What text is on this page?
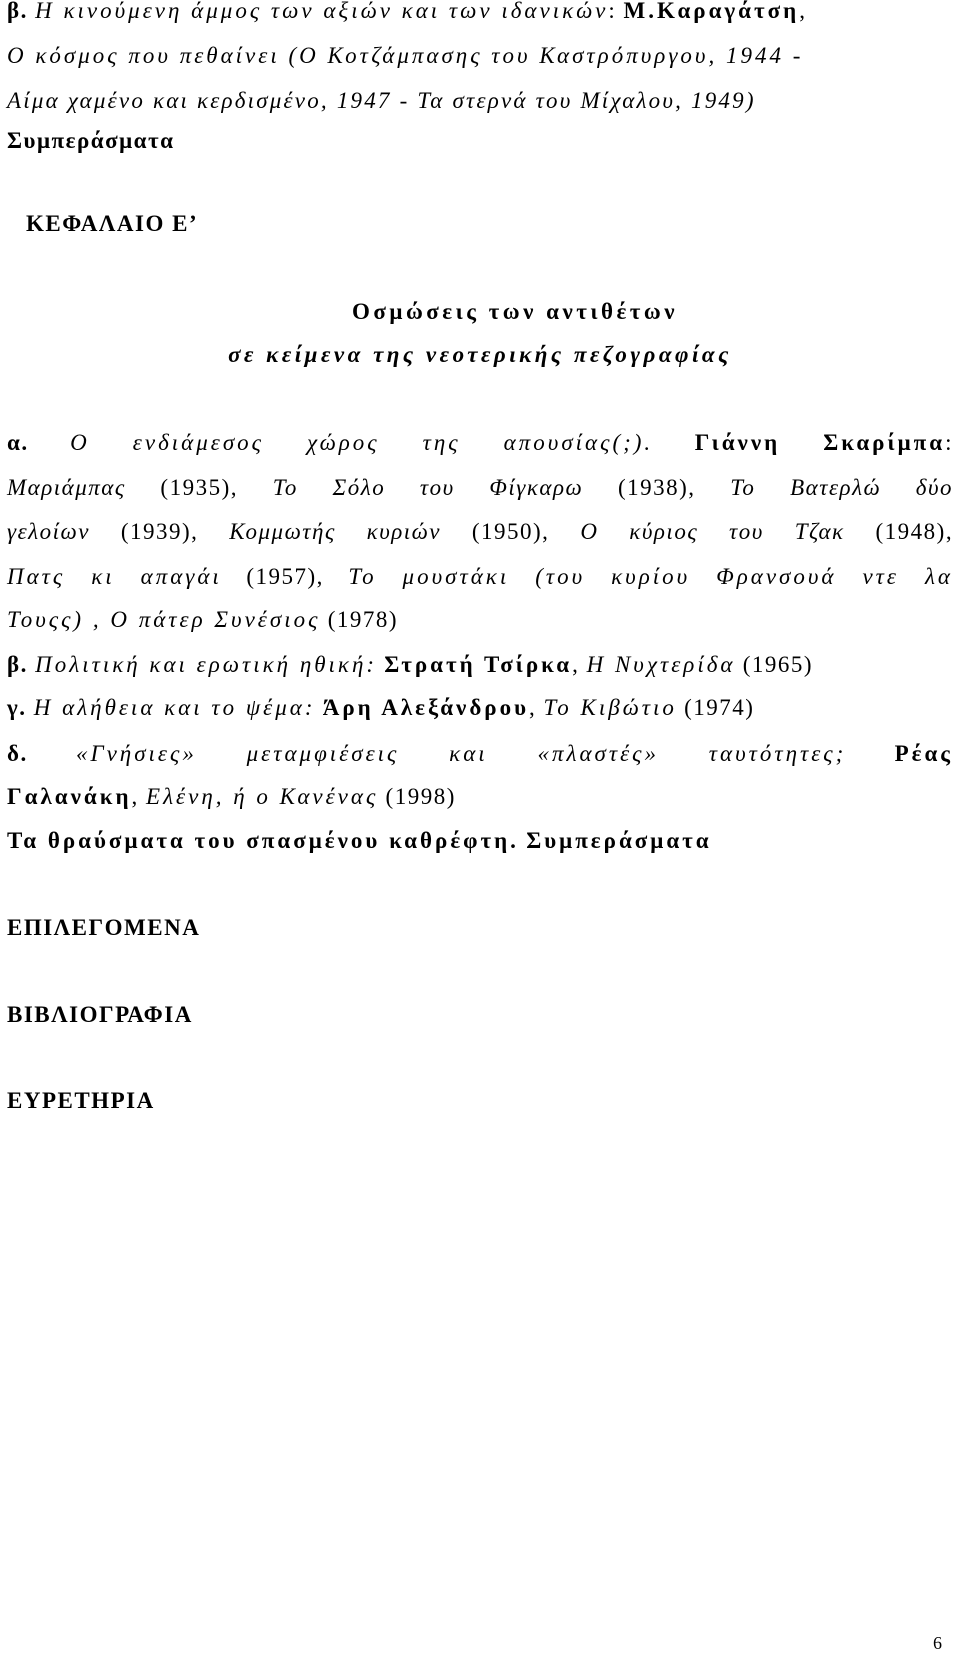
β. Η κινούμενη άμμος των αξιών και των ιδανικών: Μ.Καραγάτση,
Ο κόσμος που πεθαίνει (Ο Κοτζάμπασης του Καστρόπυργου, 1944 -
Αίμα χαμένο και κερδισμένο, 1947 - Τα στερνά του Μίχαλου, 1949)
Συμπεράσματα
ΚΕΦΑΛΑΙΟ Ε’
Οσμώσεις των αντιθέτων
σε κείμενα της νεοτερικής πεζογραφίας
α. Ο ενδιάμεσος χώρος της απουσίας(;). Γιάννη Σκαρίμπα:
Μαριάμπας (1935), Το Σόλο του Φίγκαρω (1938), Το Βατερλώ δύο
γελοίων (1939), Κομμωτής κυριών (1950), Ο κύριος του Τζακ (1948),
Πατς κι απαγάι (1957), Το μουστάκι (του κυρίου Φρανσουά ντε λα
Τουςς) , Ο πάτερ Συνέσιος (1978)
β. Πολιτική και ερωτική ηθική: Στρατή Τσίρκα, Η Νυχτερίδα (1965)
γ. Η αλήθεια και το ψέμα: Άρη Αλεξάνδρου, Το Κιβώτιο (1974)
δ. «Γνήσιες» μεταμφιέσεις και «πλαστές» ταυτότητες; Ρέας
Γαλανάκη, Ελένη, ή ο Κανένας (1998)
Τα θραύσματα του σπασμένου καθρέφτη. Συμπεράσματα
ΕΠΙΛΕΓΟΜΕΝΑ
ΒΙΒΛΙΟΓΡΑΦΙΑ
ΕΥΡΕΤΗΡΙΑ
6
